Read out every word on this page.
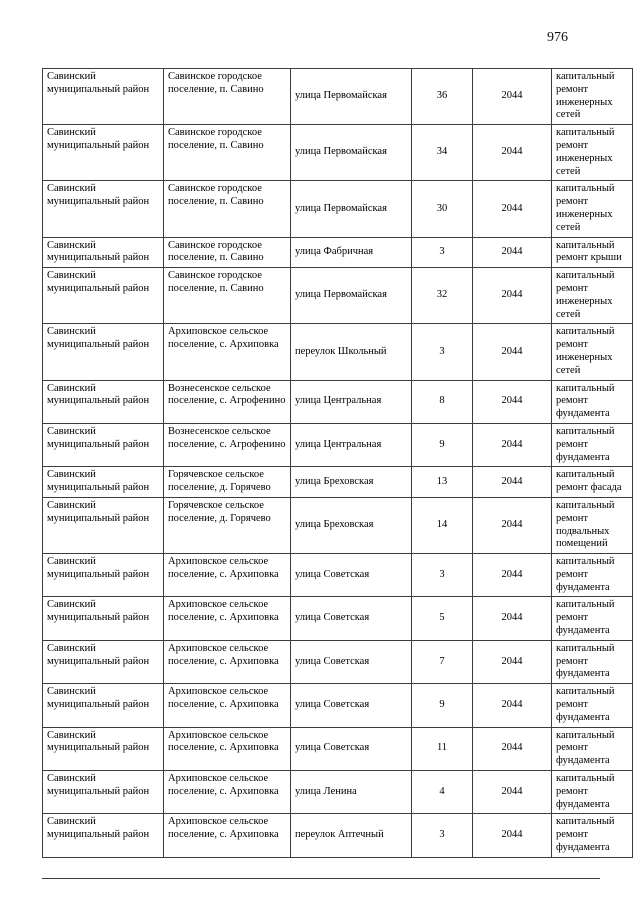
976
Савинский муниципальный район	Савинское городское поселение, п. Савино	улица Первомайская	36	2044	капитальный ремонт инженерных сетей
Савинский муниципальный район	Савинское городское поселение, п. Савино	улица Первомайская	34	2044	капитальный ремонт инженерных сетей
Савинский муниципальный район	Савинское городское поселение, п. Савино	улица Первомайская	30	2044	капитальный ремонт инженерных сетей
Савинский муниципальный район	Савинское городское поселение, п. Савино	улица Фабричная	3	2044	капитальный ремонт крыши
Савинский муниципальный район	Савинское городское поселение, п. Савино	улица Первомайская	32	2044	капитальный ремонт инженерных сетей
Савинский муниципальный район	Архиповское сельское поселение, с. Архиповка	переулок Школьный	3	2044	капитальный ремонт инженерных сетей
Савинский муниципальный район	Вознесенское сельское поселение, с. Агрофенино	улица Центральная	8	2044	капитальный ремонт фундамента
Савинский муниципальный район	Вознесенское сельское поселение, с. Агрофенино	улица Центральная	9	2044	капитальный ремонт фундамента
Савинский муниципальный район	Горячевское сельское поселение, д. Горячево	улица Бреховская	13	2044	капитальный ремонт фасада
Савинский муниципальный район	Горячевское сельское поселение, д. Горячево	улица Бреховская	14	2044	капитальный ремонт подвальных помещений
Савинский муниципальный район	Архиповское сельское поселение, с. Архиповка	улица Советская	3	2044	капитальный ремонт фундамента
Савинский муниципальный район	Архиповское сельское поселение, с. Архиповка	улица Советская	5	2044	капитальный ремонт фундамента
Савинский муниципальный район	Архиповское сельское поселение, с. Архиповка	улица Советская	7	2044	капитальный ремонт фундамента
Савинский муниципальный район	Архиповское сельское поселение, с. Архиповка	улица Советская	9	2044	капитальный ремонт фундамента
Савинский муниципальный район	Архиповское сельское поселение, с. Архиповка	улица Советская	11	2044	капитальный ремонт фундамента
Савинский муниципальный район	Архиповское сельское поселение, с. Архиповка	улица Ленина	4	2044	капитальный ремонт фундамента
Савинский муниципальный район	Архиповское сельское поселение, с. Архиповка	переулок Аптечный	3	2044	капитальный ремонт фундамента
